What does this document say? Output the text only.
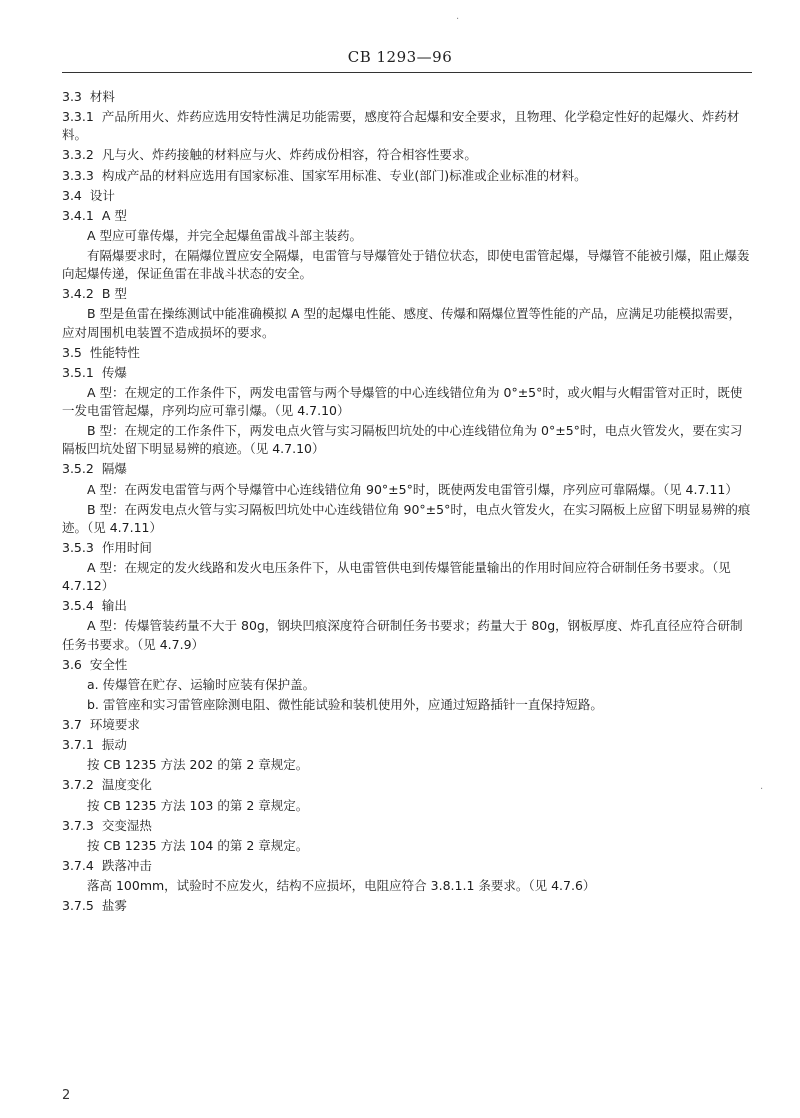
CB 1293—96
3.3 材料
3.3.1 产品所用火、炸药应选用安特性满足功能需要，感度符合起爆和安全要求，且物理、化学稳定性好的起爆火、炸药材料。
3.3.2 凡与火、炸药接触的材料应与火、炸药成份相容，符合相容性要求。
3.3.3 构成产品的材料应选用有国家标准、国家军用标准、专业(部门)标准或企业标准的材料。
3.4 设计
3.4.1 A 型
A 型应可靠传爆，并完全起爆鱼雷战斗部主装药。
有隔爆要求时，在隔爆位置应安全隔爆，电雷管与导爆管处于错位状态，即使电雷管起爆，导爆管不能被引爆，阻止爆轰向起爆传递，保证鱼雷在非战斗状态的安全。
3.4.2 B 型
B 型是鱼雷在操练测试中能准确模拟 A 型的起爆电性能、感度、传爆和隔爆位置等性能的产品，应满足功能模拟需要，应对周围机电装置不造成损坏的要求。
3.5 性能特性
3.5.1 传爆
A 型：在规定的工作条件下，两发电雷管与两个导爆管的中心连线错位角为 0°±5°时，或火帽与火帽雷管对正时，既使一发电雷管起爆，序列均应可靠引爆。（见 4.7.10）
B 型：在规定的工作条件下，两发电点火管与实习隔板凹坑处的中心连线错位角为 0°±5°时，电点火管发火，要在实习隔板凹坑处留下明显易辨的痕迹。（见 4.7.10）
3.5.2 隔爆
A 型：在两发电雷管与两个导爆管中心连线错位角 90°±5°时，既使两发电雷管引爆，序列应可靠隔爆。（见 4.7.11）
B 型：在两发电点火管与实习隔板凹坑处中心连线错位角 90°±5°时，电点火管发火，在实习隔板上应留下明显易辨的痕迹。（见 4.7.11）
3.5.3 作用时间
A 型：在规定的发火线路和发火电压条件下，从电雷管供电到传爆管能量输出的作用时间应符合研制任务书要求。（见 4.7.12）
3.5.4 输出
A 型：传爆管装药量不大于 80g，钢块凹痕深度符合研制任务书要求；药量大于 80g，钢板厚度、炸孔直径应符合研制任务书要求。（见 4.7.9）
3.6 安全性
a. 传爆管在贮存、运输时应装有保护盖。
b. 雷管座和实习雷管座除测电阻、微性能试验和装机使用外，应通过短路插针一直保持短路。
3.7 环境要求
3.7.1 振动
按 CB 1235 方法 202 的第 2 章规定。
3.7.2 温度变化
按 CB 1235 方法 103 的第 2 章规定。
3.7.3 交变湿热
按 CB 1235 方法 104 的第 2 章规定。
3.7.4 跌落冲击
落高 100mm，试验时不应发火，结构不应损坏，电阻应符合 3.8.1.1 条要求。（见 4.7.6）
3.7.5 盐雾
2
·
·
